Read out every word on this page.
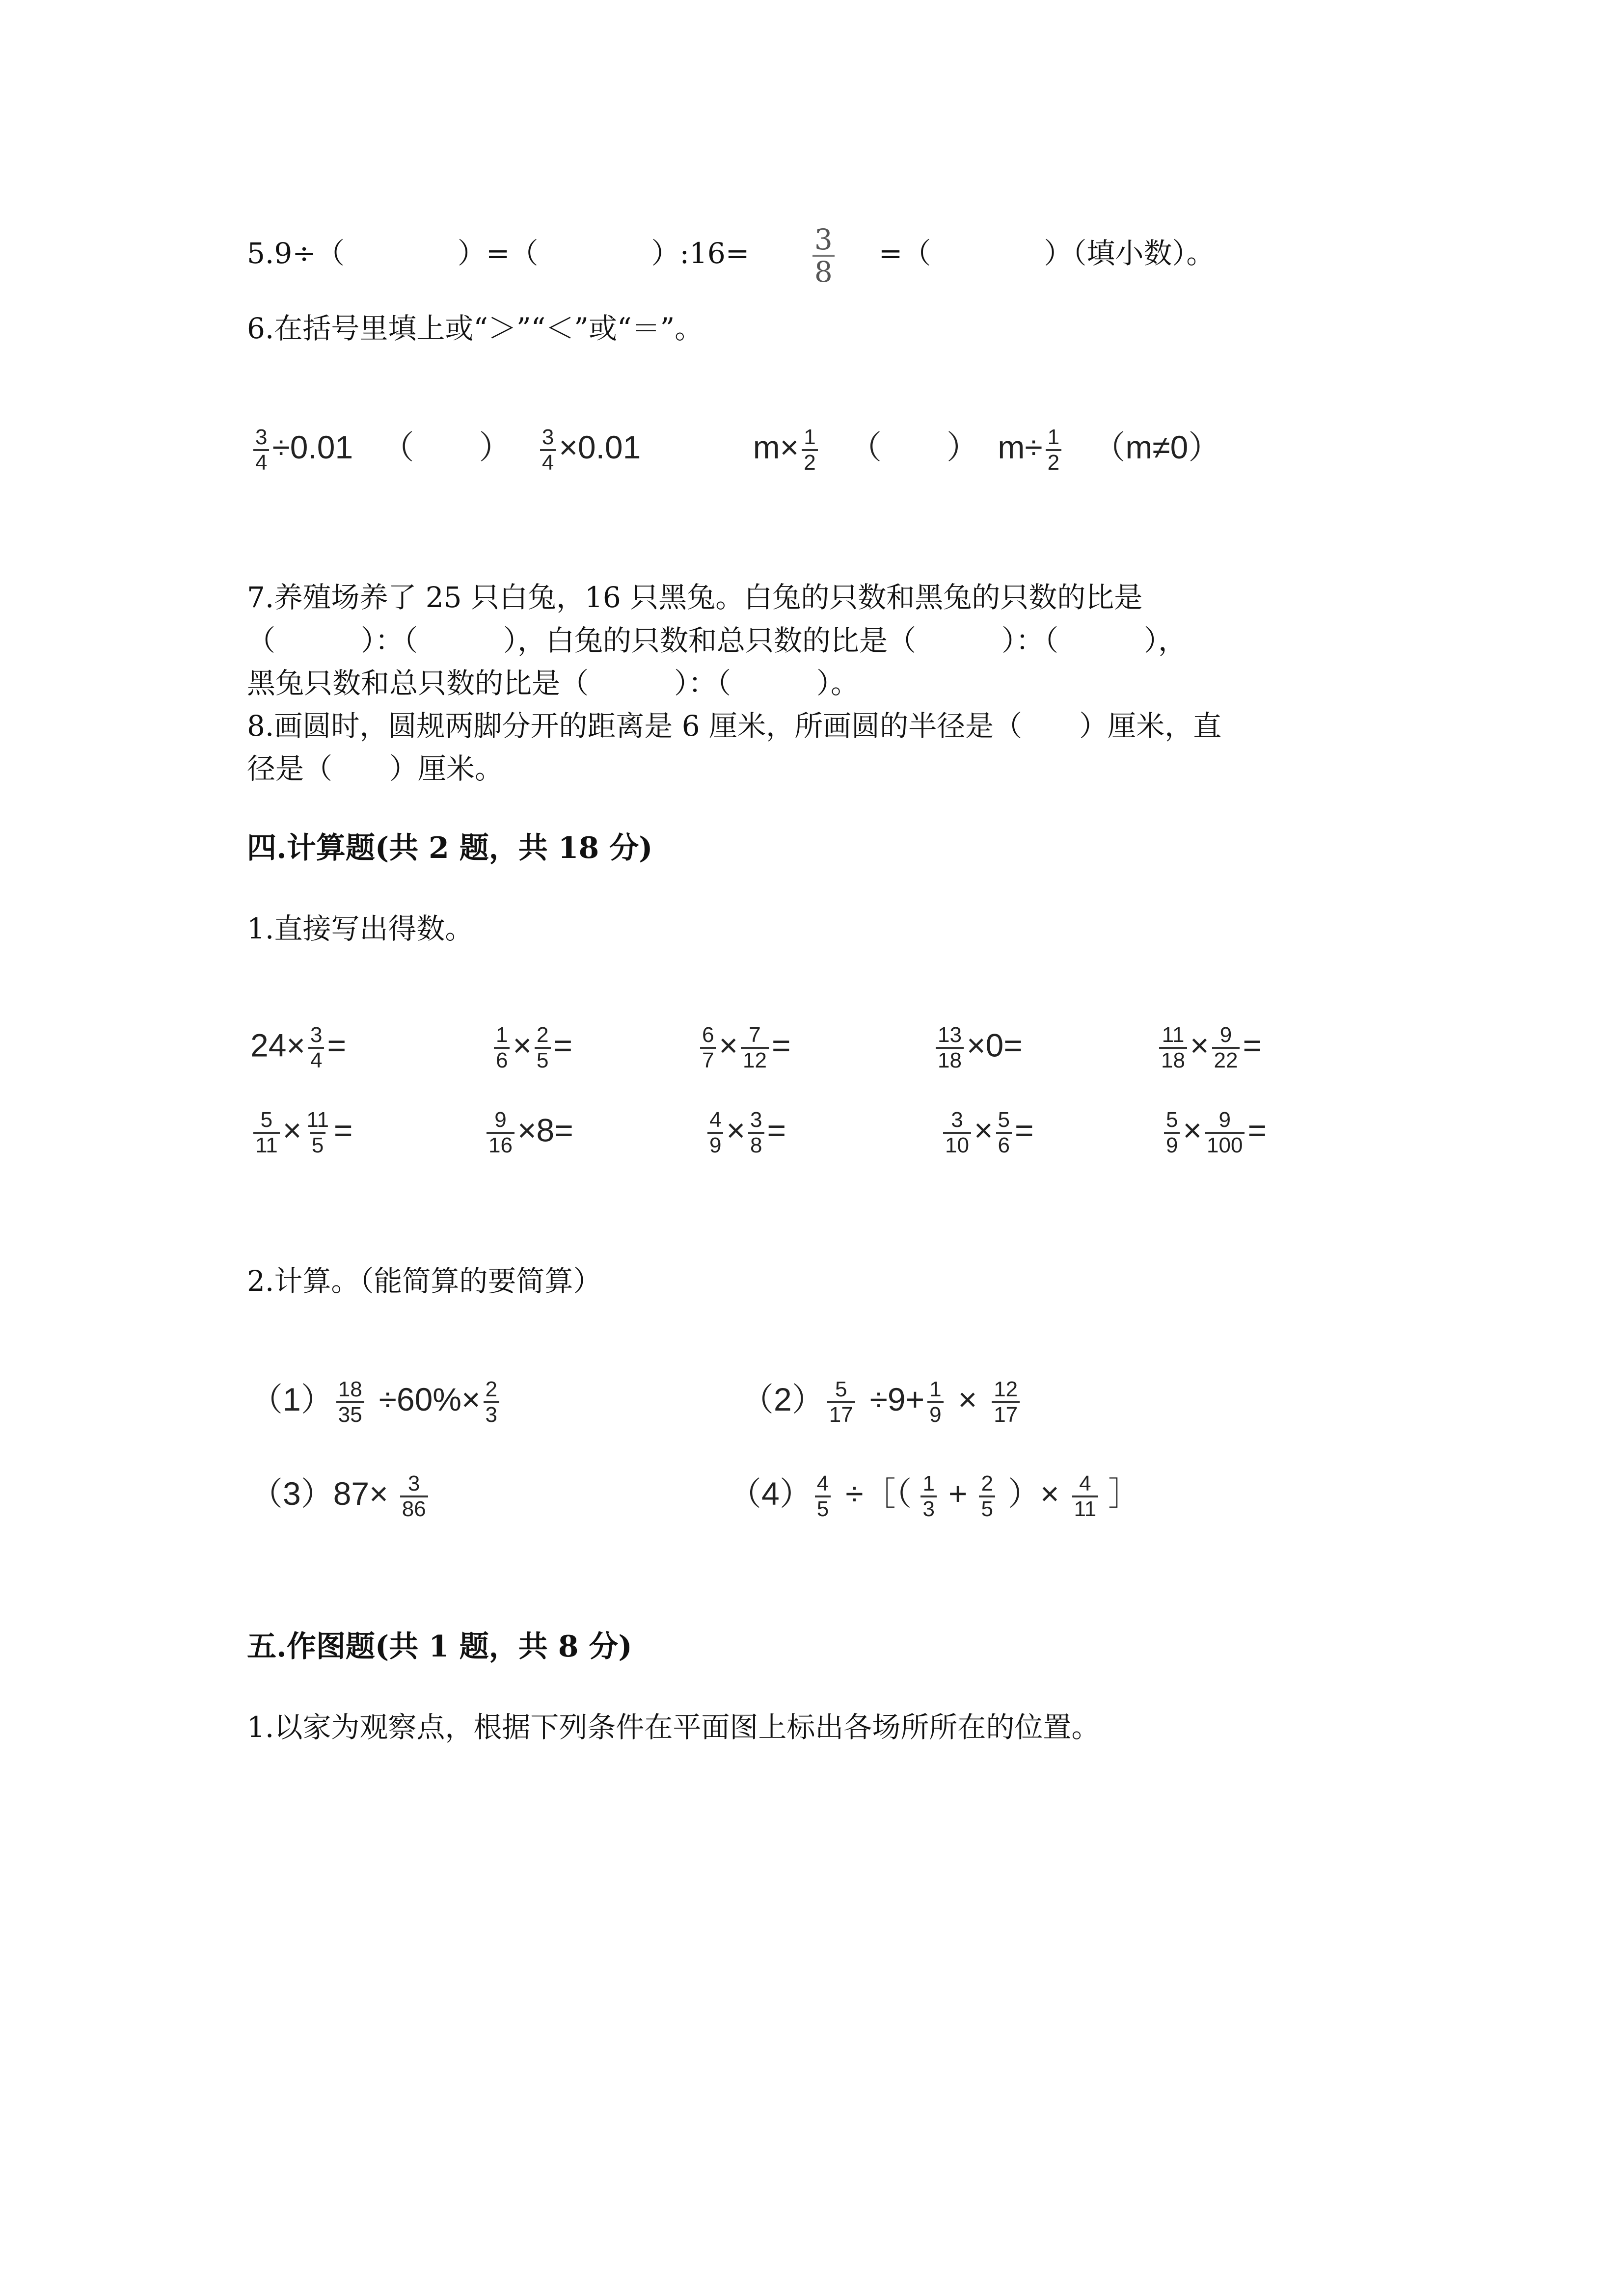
5.9÷（	）=（	）:16= $\frac{3}{8}$ =（	）（填小数）。
6.在括号里填上或“＞”“＜”或“＝”。
$\frac{3}{4} \div 0.01$ （　　） $\frac{3}{4} \times 0.01$	$m\times \frac{1}{2}$ （　　） $m\div \frac{1}{2} (m\ne 0)$
7.养殖场养了 25 只白兔，16 只黑兔。白兔的只数和黑兔的只数的比是
（　　　）：（　　　），白兔的只数和总只数的比是（　　　）：（　　　），
黑兔只数和总只数的比是（　　　）：（　　　）。
8.画圆时，圆规两脚分开的距离是 6 厘米，所画圆的半径是（　　）厘米，直
径是（　　）厘米。
四.计算题(共 2 题，共 18 分)
1.直接写出得数。
$24\times \frac{3}{4}$ =	$\frac{1}{6} \times \frac{2}{5}$ =	$\frac{6}{7} \times \frac{7}{12}$ =	$\frac{13}{18} \times 0=$	$\frac{11}{18} \times \frac{9}{22}$ =
$\frac{5}{11} \times \frac{11}{5}$ =	$\frac{9}{16} \times 8=$	$\frac{4}{9} \times \frac{3}{8}$ =	$\frac{3}{10} \times \frac{5}{6}$ =	$\frac{5}{9} \times \frac{9}{100}$ =
2.计算。（能简算的要简算）
$(1) \frac{18}{35} \div 60\%\times \frac{2}{3}$	$(2) \frac{5}{17} \div 9+ \frac{1}{9} \times \frac{12}{17}$
$(3)87\times \frac{3}{86}$	$(4) \frac{4}{5}$ ÷［（ $\frac{1}{3} + \frac{2}{5}$ ）× $\frac{4}{11}$ ］
五.作图题(共 1 题，共 8 分)
1.以家为观察点，根据下列条件在平面图上标出各场所所在的位置。
